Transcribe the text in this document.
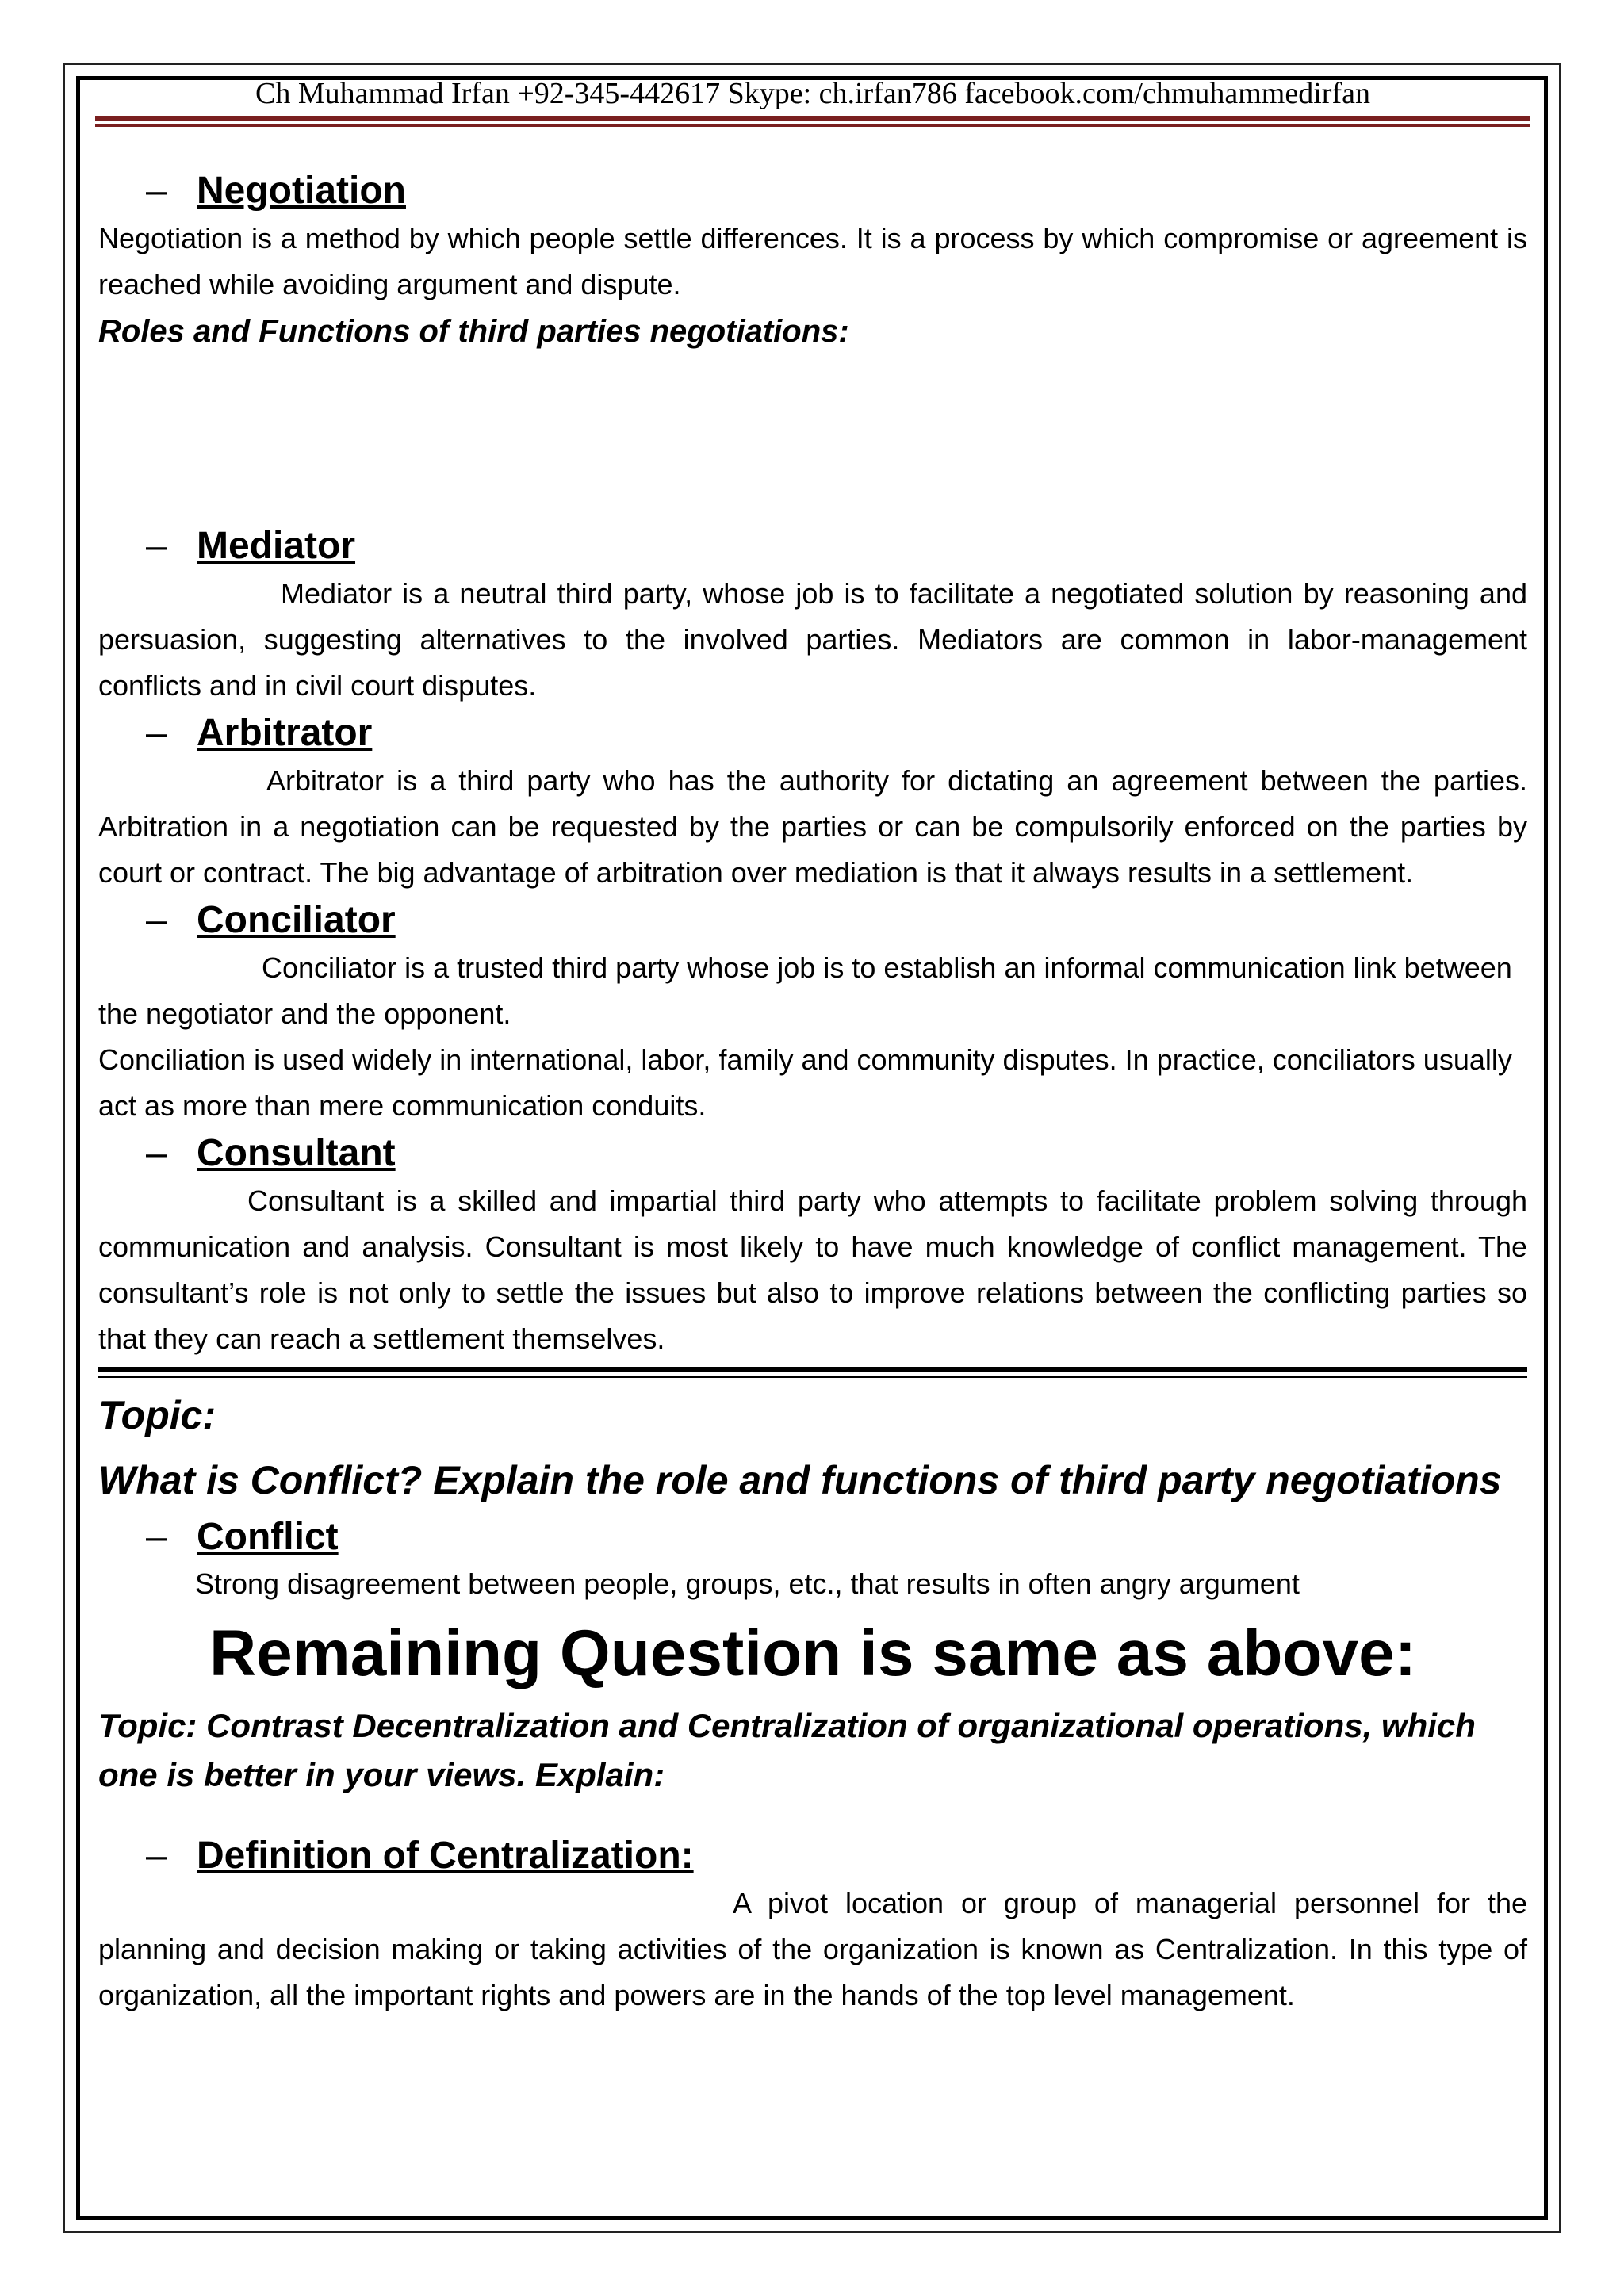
Ch Muhammad Irfan +92-345-442617 Skype: ch.irfan786 facebook.com/chmuhammedirfan
– Negotiation

Negotiation is a method by which people settle differences. It is a process by which compromise or agreement is reached while avoiding argument and dispute.

Roles and Functions of third parties negotiations:

– Mediator

Mediator is a neutral third party, whose job is to facilitate a negotiated solution by reasoning and persuasion, suggesting alternatives to the involved parties. Mediators are common in labor-management conflicts and in civil court disputes.

– Arbitrator

Arbitrator is a third party who has the authority for dictating an agreement between the parties. Arbitration in a negotiation can be requested by the parties or can be compulsorily enforced on the parties by court or contract. The big advantage of arbitration over mediation is that it always results in a settlement.

– Conciliator

Conciliator is a trusted third party whose job is to establish an informal communication link between the negotiator and the opponent.

Conciliation is used widely in international, labor, family and community disputes. In practice, conciliators usually act as more than mere communication conduits.

– Consultant

Consultant is a skilled and impartial third party who attempts to facilitate problem solving through communication and analysis. Consultant is most likely to have much knowledge of conflict management. The consultant’s role is not only to settle the issues but also to improve relations between the conflicting parties so that they can reach a settlement themselves.

Topic:

What is Conflict? Explain the role and functions of third party negotiations

– Conflict

Strong disagreement between people, groups, etc., that results in often angry argument

Remaining Question is same as above:

Topic: Contrast Decentralization and Centralization of organizational operations, which one is better in your views. Explain:

– Definition of Centralization:

A pivot location or group of managerial personnel for the planning and decision making or taking activities of the organization is known as Centralization. In this type of organization, all the important rights and powers are in the hands of the top level management.
